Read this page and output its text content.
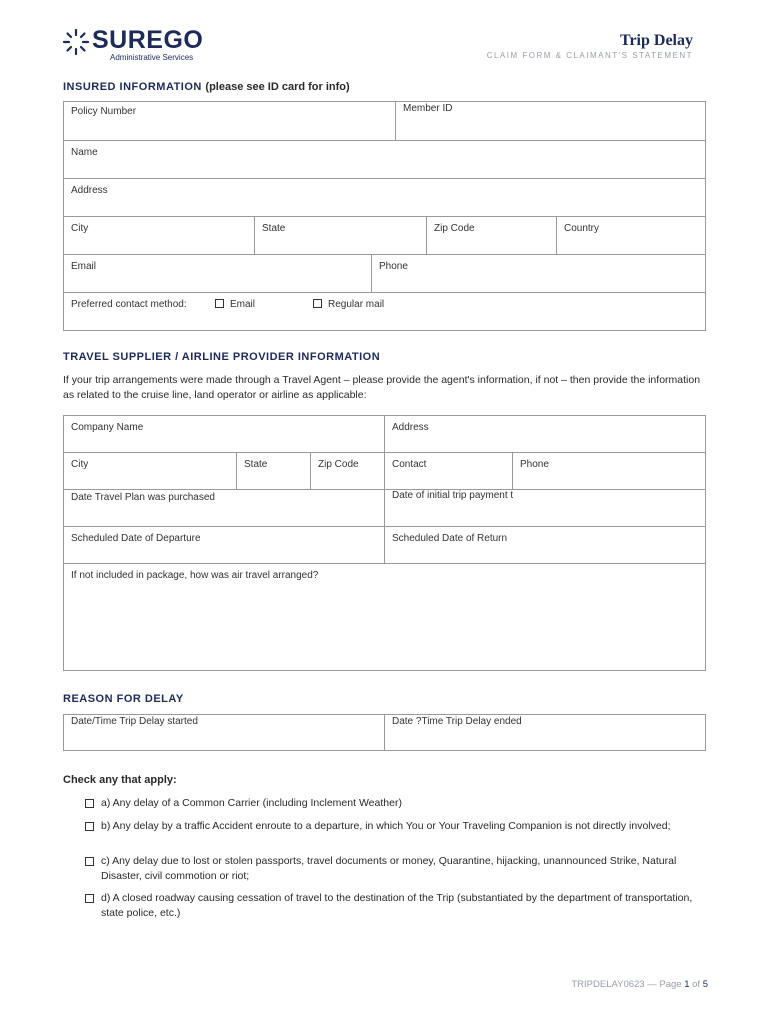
SUREGO
Administrative Services
Trip Delay
CLAIM FORM & CLAIMANT'S STATEMENT
INSURED INFORMATION (please see ID card for info)
Policy Number	Member ID
Name
Address
City	State	Zip Code	Country
Email	Phone
Preferred contact method:	Email	Regular mail
TRAVEL SUPPLIER / AIRLINE PROVIDER INFORMATION
If your trip arrangements were made through a Travel Agent – please provide the agent's information, if not – then provide the information as related to the cruise line, land operator or airline as applicable:
Company Name	Address
City	State	Zip Code	Contact	Phone
Date Travel Plan was purchased	Date of initial trip payment t
Scheduled Date of Departure	Scheduled Date of Return
If not included in package, how was air travel arranged?
REASON FOR DELAY
Date/Time Trip Delay started	Date ?Time Trip Delay ended
Check any that apply:
a) Any delay of a Common Carrier (including Inclement Weather)
b) Any delay by a traffic Accident enroute to a departure, in which You or Your Traveling Companion is not directly involved;
c) Any delay due to lost or stolen passports, travel documents or money, Quarantine, hijacking, unannounced Strike, Natural Disaster, civil commotion or riot;
d) A closed roadway causing cessation of travel to the destination of the Trip (substantiated by the department of transportation, state police, etc.)
TRIPDELAY0623 — Page 1 of 5
